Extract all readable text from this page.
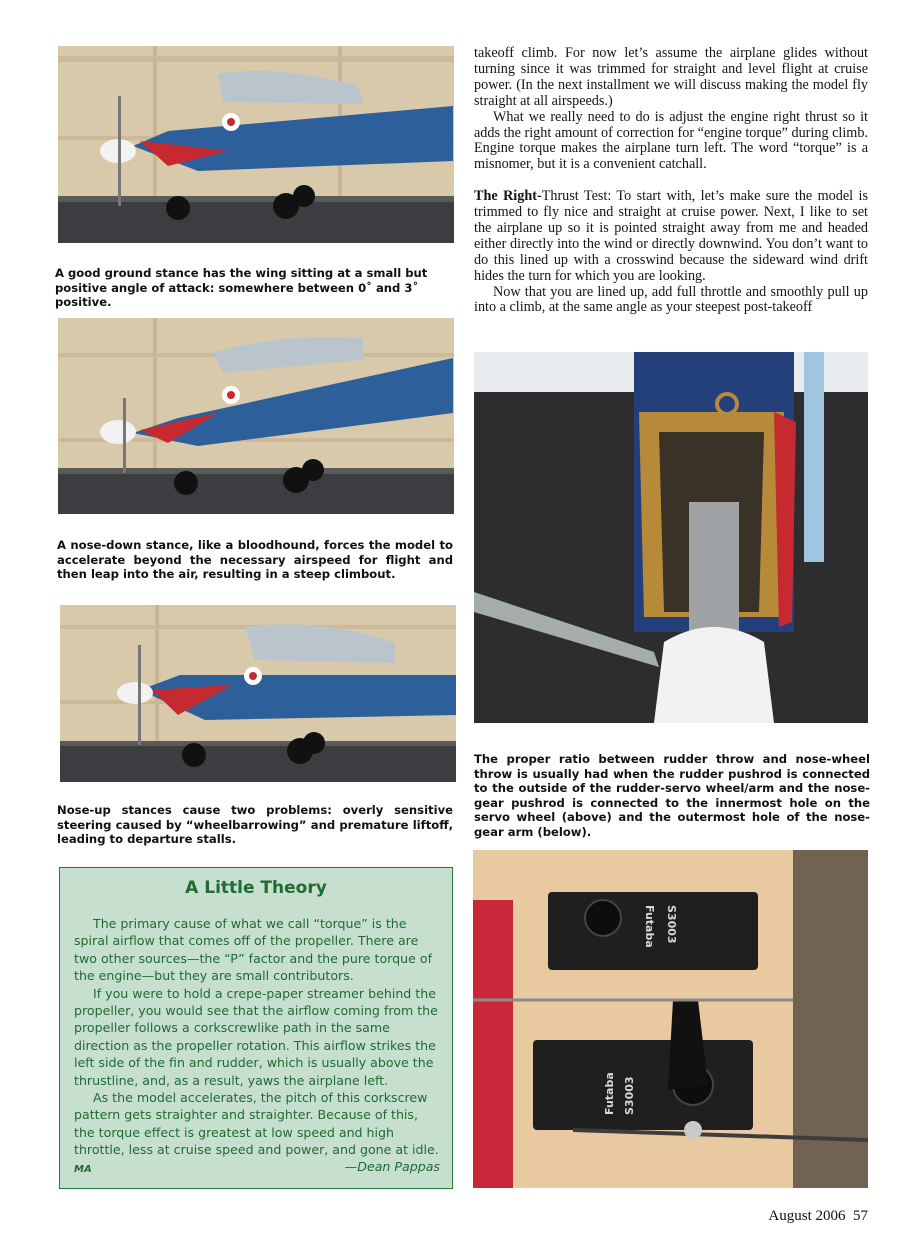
A good ground stance has the wing sitting at a small but positive angle of attack: somewhere between 0˚ and 3˚ positive.

A nose-down stance, like a bloodhound, forces the model to accelerate beyond the necessary airspeed for flight and then leap into the air, resulting in a steep climbout.

Nose-up stances cause two problems: overly sensitive steering caused by “wheelbarrowing” and premature liftoff, leading to departure stalls.

A Little Theory

The primary cause of what we call “torque” is the spiral airflow that comes off of the propeller. There are two other sources—the “P” factor and the pure torque of the engine—but they are small contributors.

If you were to hold a crepe-paper streamer behind the propeller, you would see that the airflow coming from the propeller follows a corkscrewlike path in the same direction as the propeller rotation. This airflow strikes the left side of the fin and rudder, which is usually above the thrustline, and, as a result, yaws the airplane left.

As the model accelerates, the pitch of this corkscrew pattern gets straighter and straighter. Because of this, the torque effect is greatest at low speed and high throttle, less at cruise speed and power, and gone at idle. MA	—Dean Pappas

takeoff climb. For now let’s assume the airplane glides without turning since it was trimmed for straight and level flight at cruise power. (In the next installment we will discuss making the model fly straight at all airspeeds.)

What we really need to do is adjust the engine right thrust so it adds the right amount of correction for “engine torque” during climb. Engine torque makes the airplane turn left. The word “torque” is a misnomer, but it is a convenient catchall.

The Right-Thrust Test: To start with, let’s make sure the model is trimmed to fly nice and straight at cruise power. Next, I like to set the airplane up so it is pointed straight away from me and headed either directly into the wind or directly downwind. You don’t want to do this lined up with a crosswind because the sideward wind drift hides the turn for which you are looking.

Now that you are lined up, add full throttle and smoothly pull up into a climb, at the same angle as your steepest post-takeoff

The proper ratio between rudder throw and nose-wheel throw is usually had when the rudder pushrod is connected to the outside of the rudder-servo wheel/arm and the nose-gear pushrod is connected to the innermost hole on the servo wheel (above) and the outermost hole of the nose-gear arm (below).

Futaba S3003
Futaba S3003
August 2006 57
